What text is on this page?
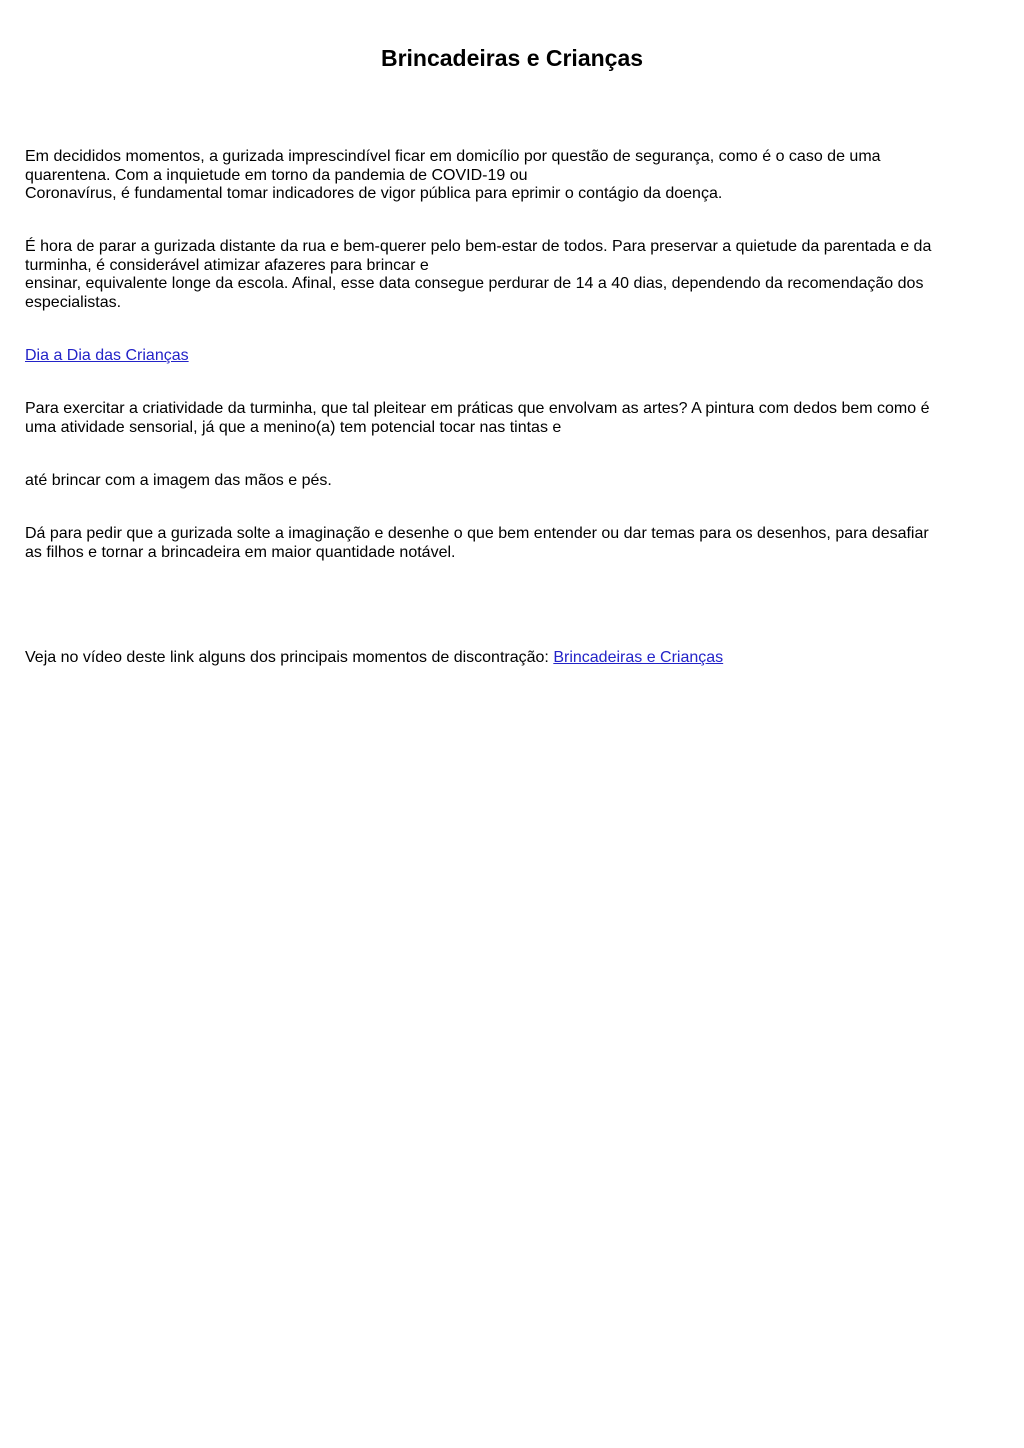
Brincadeiras e Crianças

Em decididos momentos, a gurizada imprescindível ficar em domicílio por questão de segurança, como é o caso de uma
quarentena. Com a inquietude em torno da pandemia de COVID-19 ou
Coronavírus, é fundamental tomar indicadores de vigor pública para eprimir o contágio da doença.

É hora de parar a gurizada distante da rua e bem-querer pelo bem-estar de todos. Para preservar a quietude da parentada e da
turminha, é considerável atimizar afazeres para brincar e
ensinar, equivalente longe da escola. Afinal, esse data consegue perdurar de 14 a 40 dias, dependendo da recomendação dos
especialistas.

Dia a Dia das Crianças

Para exercitar a criatividade da turminha, que tal pleitear em práticas que envolvam as artes? A pintura com dedos bem como é
uma atividade sensorial, já que a menino(a) tem potencial tocar nas tintas e

até brincar com a imagem das mãos e pés.

Dá para pedir que a gurizada solte a imaginação e desenhe o que bem entender ou dar temas para os desenhos, para desafiar
as filhos e tornar a brincadeira em maior quantidade notável.

Veja no vídeo deste link alguns dos principais momentos de discontração: Brincadeiras e Crianças
